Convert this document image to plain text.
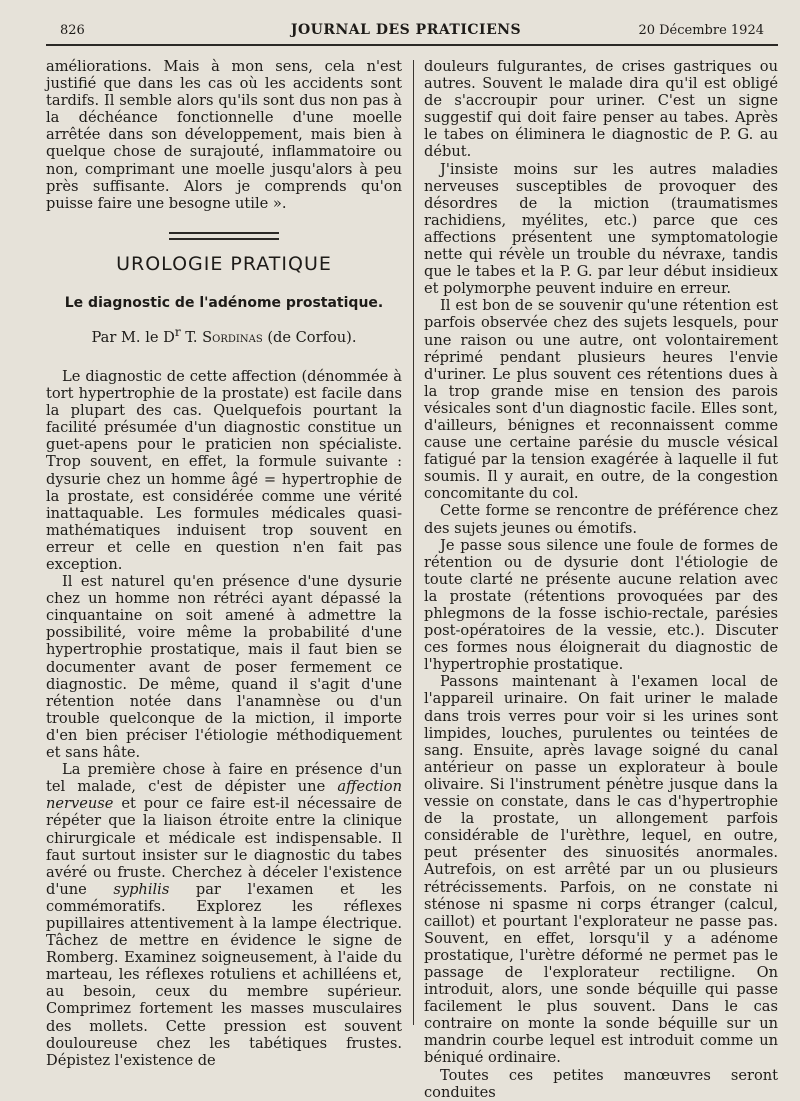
826	JOURNAL DES PRATICIENS	20 Décembre 1924

améliorations. Mais à mon sens, cela n'est justifié que dans les cas où les accidents sont tardifs. Il semble alors qu'ils sont dus non pas à la déchéance fonctionnelle d'une moelle arrêtée dans son développement, mais bien à quelque chose de surajouté, inflammatoire ou non, comprimant une moelle jusqu'alors à peu près suffisante. Alors je comprends qu'on puisse faire une besogne utile ».

UROLOGIE PRATIQUE
Le diagnostic de l'adénome prostatique.
Par M. le $D^r$ T. Sordinas (de Corfou).

Le diagnostic de cette affection (dénommée à tort hypertrophie de la prostate) est facile dans la plupart des cas. Quelquefois pourtant la facilité présumée d'un diagnostic constitue un guet-apens pour le praticien non spécialiste. Trop souvent, en effet, la formule suivante : dysurie chez un homme âgé = hypertrophie de la prostate, est considérée comme une vérité inattaquable. Les formules médicales quasi-mathématiques induisent trop souvent en erreur et celle en question n'en fait pas exception.

Il est naturel qu'en présence d'une dysurie chez un homme non rétréci ayant dépassé la cinquantaine on soit amené à admettre la possibilité, voire même la probabilité d'une hypertrophie prostatique, mais il faut bien se documenter avant de poser fermement ce diagnostic. De même, quand il s'agit d'une rétention notée dans l'anamnèse ou d'un trouble quelconque de la miction, il importe d'en bien préciser l'étiologie méthodiquement et sans hâte.

La première chose à faire en présence d'un tel malade, c'est de dépister une affection nerveuse et pour ce faire est-il nécessaire de répéter que la liaison étroite entre la clinique chirurgicale et médicale est indispensable. Il faut surtout insister sur le diagnostic du tabes avéré ou fruste. Cherchez à déceler l'existence d'une syphilis par l'examen et les commémoratifs. Explorez les réflexes pupillaires attentivement à la lampe électrique. Tâchez de mettre en évidence le signe de Romberg. Examinez soigneusement, à l'aide du marteau, les réflexes rotuliens et achilléens et, au besoin, ceux du membre supérieur. Comprimez fortement les masses musculaires des mollets. Cette pression est souvent douloureuse chez les tabétiques frustes. Dépistez l'existence de

douleurs fulgurantes, de crises gastriques ou autres. Souvent le malade dira qu'il est obligé de s'accroupir pour uriner. C'est un signe suggestif qui doit faire penser au tabes. Après le tabes on éliminera le diagnostic de P. G. au début.

J'insiste moins sur les autres maladies nerveuses susceptibles de provoquer des désordres de la miction (traumatismes rachidiens, myélites, etc.) parce que ces affections présentent une symptomatologie nette qui révèle un trouble du névraxe, tandis que le tabes et la P. G. par leur début insidieux et polymorphe peuvent induire en erreur.

Il est bon de se souvenir qu'une rétention est parfois observée chez des sujets lesquels, pour une raison ou une autre, ont volontairement réprimé pendant plusieurs heures l'envie d'uriner. Le plus souvent ces rétentions dues à la trop grande mise en tension des parois vésicales sont d'un diagnostic facile. Elles sont, d'ailleurs, bénignes et reconnaissent comme cause une certaine parésie du muscle vésical fatigué par la tension exagérée à laquelle il fut soumis. Il y aurait, en outre, de la congestion concomitante du col.

Cette forme se rencontre de préférence chez des sujets jeunes ou émotifs.

Je passe sous silence une foule de formes de rétention ou de dysurie dont l'étiologie de toute clarté ne présente aucune relation avec la prostate (rétentions provoquées par des phlegmons de la fosse ischio-rectale, parésies post-opératoires de la vessie, etc.). Discuter ces formes nous éloignerait du diagnostic de l'hypertrophie prostatique.

Passons maintenant à l'examen local de l'appareil urinaire. On fait uriner le malade dans trois verres pour voir si les urines sont limpides, louches, purulentes ou teintées de sang. Ensuite, après lavage soigné du canal antérieur on passe un explorateur à boule olivaire. Si l'instrument pénètre jusque dans la vessie on constate, dans le cas d'hypertrophie de la prostate, un allongement parfois considérable de l'urèthre, lequel, en outre, peut présenter des sinuosités anormales. Autrefois, on est arrêté par un ou plusieurs rétrécissements. Parfois, on ne constate ni sténose ni spasme ni corps étranger (calcul, caillot) et pourtant l'explorateur ne passe pas. Souvent, en effet, lorsqu'il y a adénome prostatique, l'urètre déformé ne permet pas le passage de l'explorateur rectiligne. On introduit, alors, une sonde béquille qui passe facilement le plus souvent. Dans le cas contraire on monte la sonde béquille sur un mandrin courbe lequel est introduit comme un béniqué ordinaire.

Toutes ces petites manœuvres seront conduites
